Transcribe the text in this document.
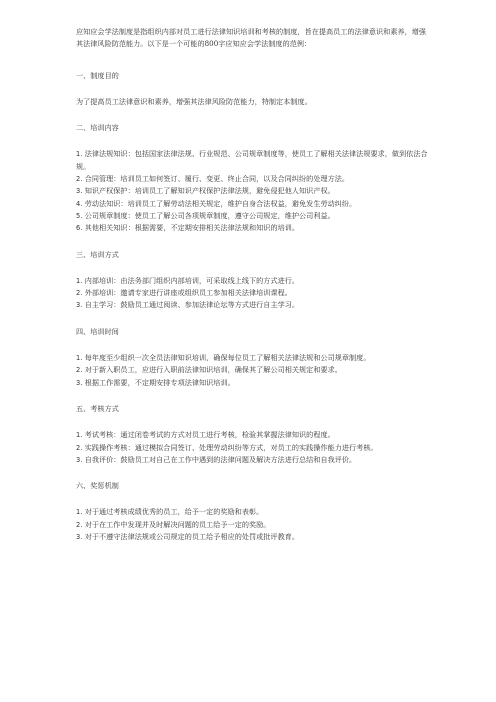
应知应会学法制度是指组织内部对员工进行法律知识培训和考核的制度，旨在提高员工的法律意识和素养，增强其法律风险防范能力。以下是一个可能的800字应知应会学法制度的范例：

一、制度目的

为了提高员工法律意识和素养，增强其法律风险防范能力，特制定本制度。

二、培训内容

1. 法律法规知识：包括国家法律法规、行业规范、公司规章制度等，使员工了解相关法律法规要求，做到依法合规。

2. 合同管理：培训员工如何签订、履行、变更、终止合同，以及合同纠纷的处理方法。

3. 知识产权保护：培训员工了解知识产权保护法律法规，避免侵犯他人知识产权。

4. 劳动法知识：培训员工了解劳动法相关规定，维护自身合法权益，避免发生劳动纠纷。

5. 公司规章制度：使员工了解公司各项规章制度，遵守公司规定，维护公司利益。

6. 其他相关知识：根据需要，不定期安排相关法律法规和知识的培训。

三、培训方式

1. 内部培训：由法务部门组织内部培训，可采取线上线下的方式进行。

2. 外部培训：邀请专家进行讲座或组织员工参加相关法律培训课程。

3. 自主学习：鼓励员工通过阅读、参加法律论坛等方式进行自主学习。

四、培训时间

1. 每年度至少组织一次全员法律知识培训，确保每位员工了解相关法律法规和公司规章制度。

2. 对于新入职员工，应进行入职前法律知识培训，确保其了解公司相关规定和要求。

3. 根据工作需要，不定期安排专项法律知识培训。

五、考核方式

1. 考试考核：通过闭卷考试的方式对员工进行考核，检验其掌握法律知识的程度。

2. 实践操作考核：通过模拟合同签订、处理劳动纠纷等方式，对员工的实践操作能力进行考核。

3. 自我评价：鼓励员工对自己在工作中遇到的法律问题及解决方法进行总结和自我评价。

六、奖惩机制

1. 对于通过考核成绩优秀的员工，给予一定的奖励和表彰。

2. 对于在工作中发现并及时解决问题的员工给予一定的奖励。

3. 对于不遵守法律法规或公司规定的员工给予相应的处罚或批评教育。
